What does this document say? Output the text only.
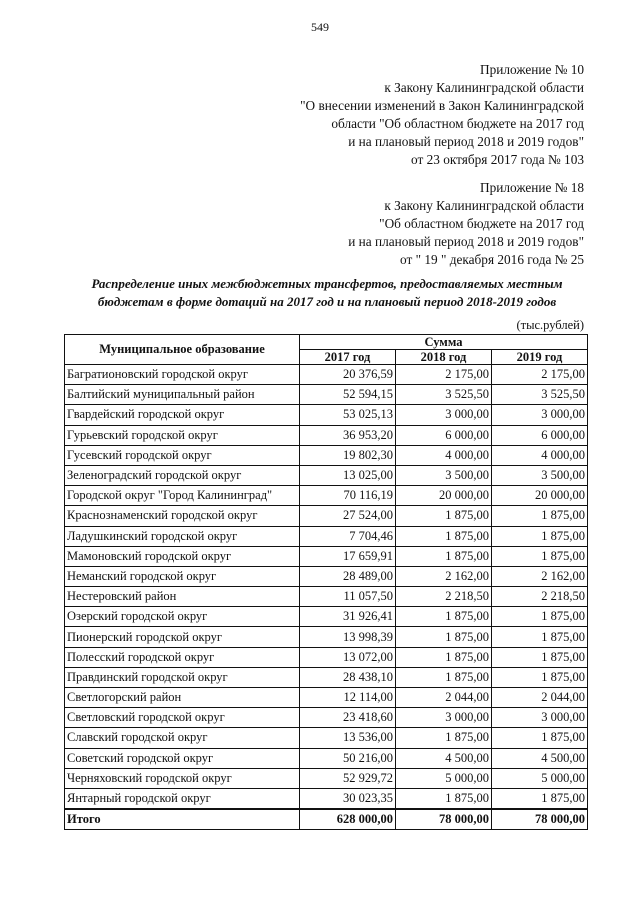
549
Приложение № 10
к Закону Калининградской области
"О внесении изменений в Закон Калининградской
области "Об областном бюджете на 2017 год
и на плановый период 2018 и 2019 годов"
от 23 октября 2017 года № 103
Приложение № 18
к Закону Калининградской области
"Об областном бюджете на 2017 год
и на плановый период 2018 и 2019 годов"
от " 19 " декабря 2016 года № 25
Распределение иных межбюджетных трансфертов, предоставляемых местным
бюджетам в форме дотаций на 2017 год и на плановый период 2018-2019 годов
(тыс.рублей)
Муниципальное образование	Сумма		
	2017 год	2018 год	2019 год
Багратионовский городской округ	20 376,59	2 175,00	2 175,00
Балтийский муниципальный район	52 594,15	3 525,50	3 525,50
Гвардейский городской округ	53 025,13	3 000,00	3 000,00
Гурьевский городской округ	36 953,20	6 000,00	6 000,00
Гусевский городской округ	19 802,30	4 000,00	4 000,00
Зеленоградский городской округ	13 025,00	3 500,00	3 500,00
Городской округ "Город Калининград"	70 116,19	20 000,00	20 000,00
Краснознаменский городской округ	27 524,00	1 875,00	1 875,00
Ладушкинский городской округ	7 704,46	1 875,00	1 875,00
Мамоновский городской округ	17 659,91	1 875,00	1 875,00
Неманский городской округ	28 489,00	2 162,00	2 162,00
Нестеровский район	11 057,50	2 218,50	2 218,50
Озерский городской округ	31 926,41	1 875,00	1 875,00
Пионерский городской округ	13 998,39	1 875,00	1 875,00
Полесский городской округ	13 072,00	1 875,00	1 875,00
Правдинский городской округ	28 438,10	1 875,00	1 875,00
Светлогорский район	12 114,00	2 044,00	2 044,00
Светловский городской округ	23 418,60	3 000,00	3 000,00
Славский городской округ	13 536,00	1 875,00	1 875,00
Советский городской округ	50 216,00	4 500,00	4 500,00
Черняховский городской округ	52 929,72	5 000,00	5 000,00
Янтарный городской округ	30 023,35	1 875,00	1 875,00
Итого	628 000,00	78 000,00	78 000,00
